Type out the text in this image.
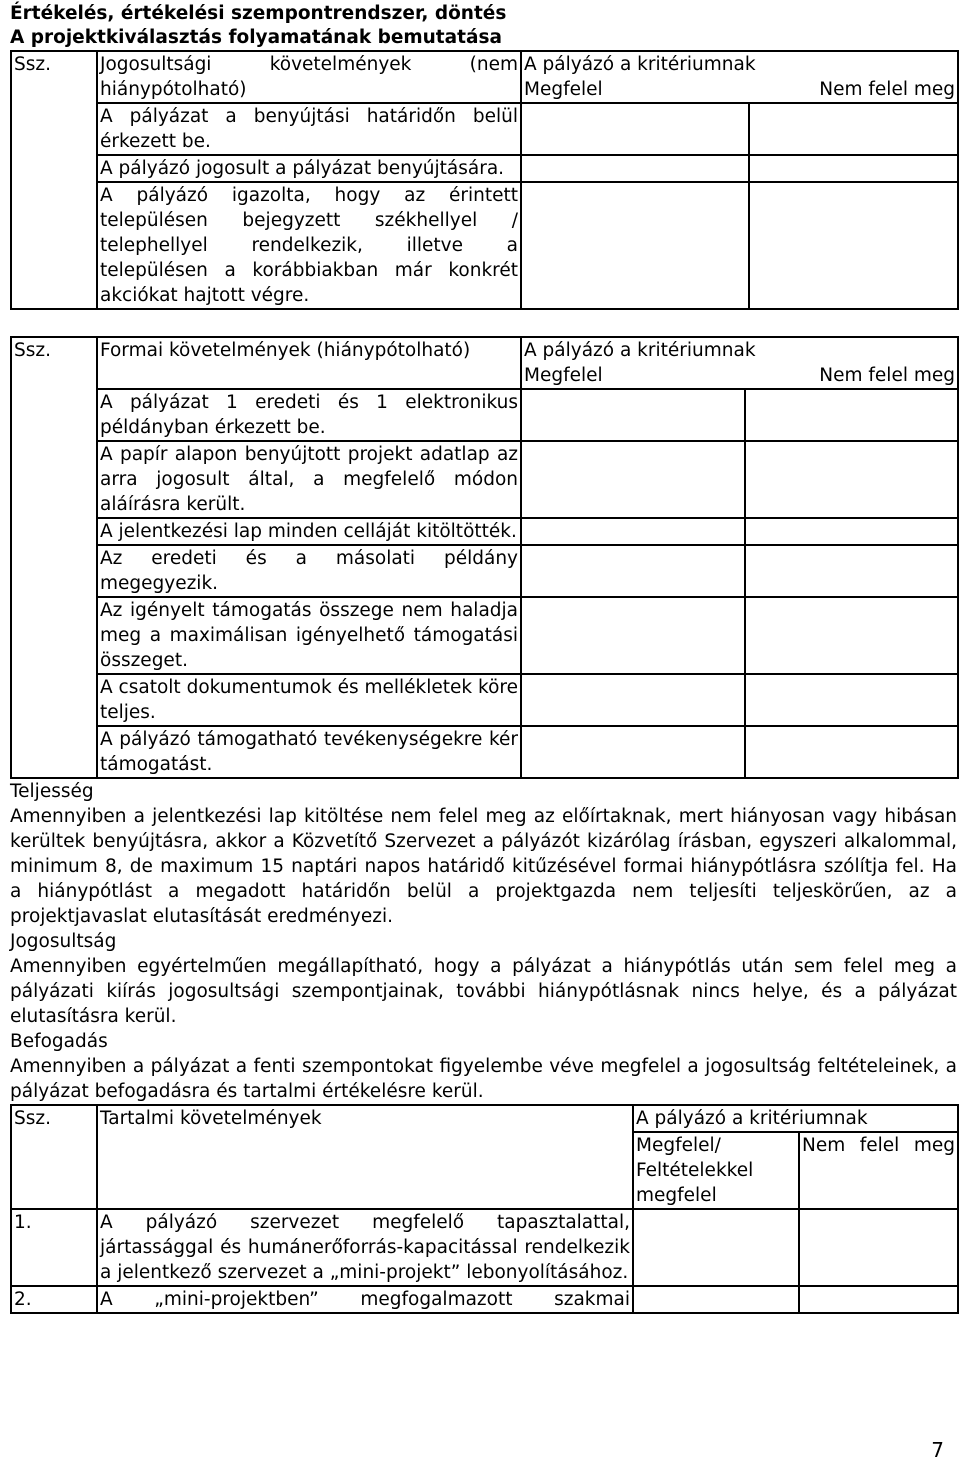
Értékelés, értékelési szempontrendszer, döntés
A projektkiválasztás folyamatának bemutatása
Ssz.	Jogosultsági követelmények (nem hiánypótolható)	A pályázó a kritériumnak
Megfelel Nem felel meg	

	A pályázat a benyújtási határidőn belül érkezett be.		
	A pályázó jogosult a pályázat benyújtására.		
	A pályázó igazolta, hogy az érintett településen bejegyzett székhellyel / telephellyel rendelkezik, illetve a településen a korábbiakban már konkrét akciókat hajtott végre.		
Ssz.	Formai követelmények (hiánypótolható)	A pályázó a kritériumnak
Megfelel Nem felel meg	

	A pályázat 1 eredeti és 1 elektronikus példányban érkezett be.		
	A papír alapon benyújtott projekt adatlap az arra jogosult által, a megfelelő módon aláírásra került.		
	A jelentkezési lap minden celláját kitöltötték.		
	Az eredeti és a másolati példány megegyezik.		
	Az igényelt támogatás összege nem haladja meg a maximálisan igényelhető támogatási összeget.		
	A csatolt dokumentumok és mellékletek köre teljes.		
	A pályázó támogatható tevékenységekre kér támogatást.		

Teljesség

Amennyiben a jelentkezési lap kitöltése nem felel meg az előírtaknak, mert hiányosan vagy hibásan kerültek benyújtásra, akkor a Közvetítő Szervezet a pályázót kizárólag írásban, egyszeri alkalommal, minimum 8, de maximum 15 naptári napos határidő kitűzésével formai hiánypótlásra szólítja fel. Ha a hiánypótlást a megadott határidőn belül a projektgazda nem teljesíti teljeskörűen, az a projektjavaslat elutasítását eredményezi.

Jogosultság

Amennyiben egyértelműen megállapítható, hogy a pályázat a hiánypótlás után sem felel meg a pályázati kiírás jogosultsági szempontjainak, további hiánypótlásnak nincs helye, és a pályázat elutasításra kerül.

Befogadás

Amennyiben a pályázat a fenti szempontokat figyelembe véve megfelel a jogosultság feltételeinek, a pályázat befogadásra és tartalmi értékelésre kerül.

Ssz.	Tartalmi követelmények	A pályázó a kritériumnak	
		Megfelel/ Feltételekkel megfelel	Nem felel meg
1.	A pályázó szervezet megfelelő tapasztalattal, jártassággal és humánerőforrás-kapacitással rendelkezik a jelentkező szervezet a „mini-projekt” lebonyolításához.		
2.	A „mini-projektben” megfogalmazott szakmai		
7
